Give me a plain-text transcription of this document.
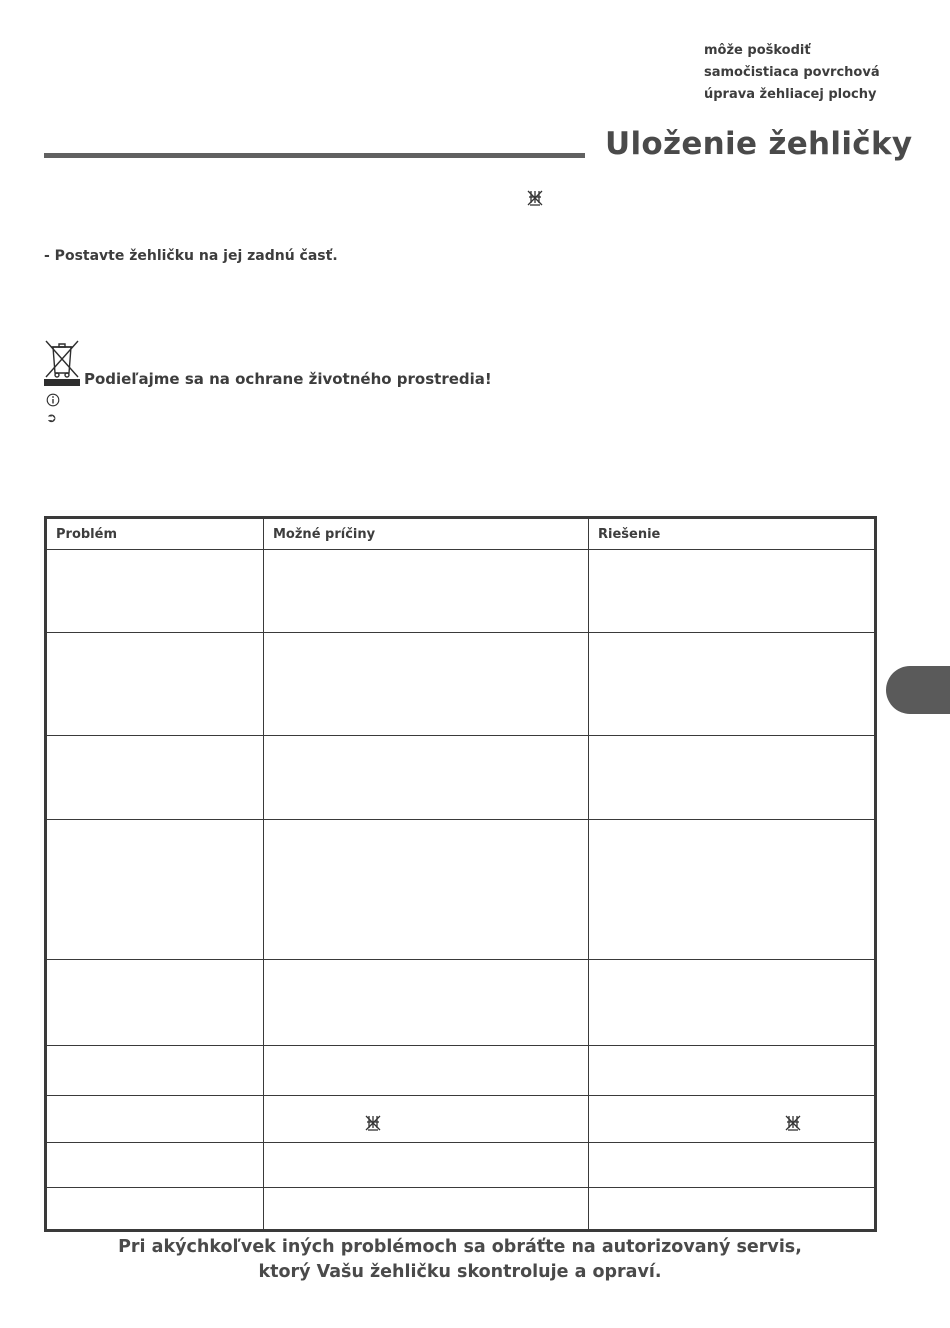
môže poškodiť
samočistiaca povrchová
úprava žehliacej plochy
Uloženie žehličky
- Postavte žehličku na jej zadnú časť.
Podieľajme sa na ochrane životného prostredia!
➲
Problém	Možné príčiny	Riešenie

Pri akýchkoľvek iných problémoch sa obráťte na autorizovaný servis,
ktorý Vašu žehličku skontroluje a opraví.
